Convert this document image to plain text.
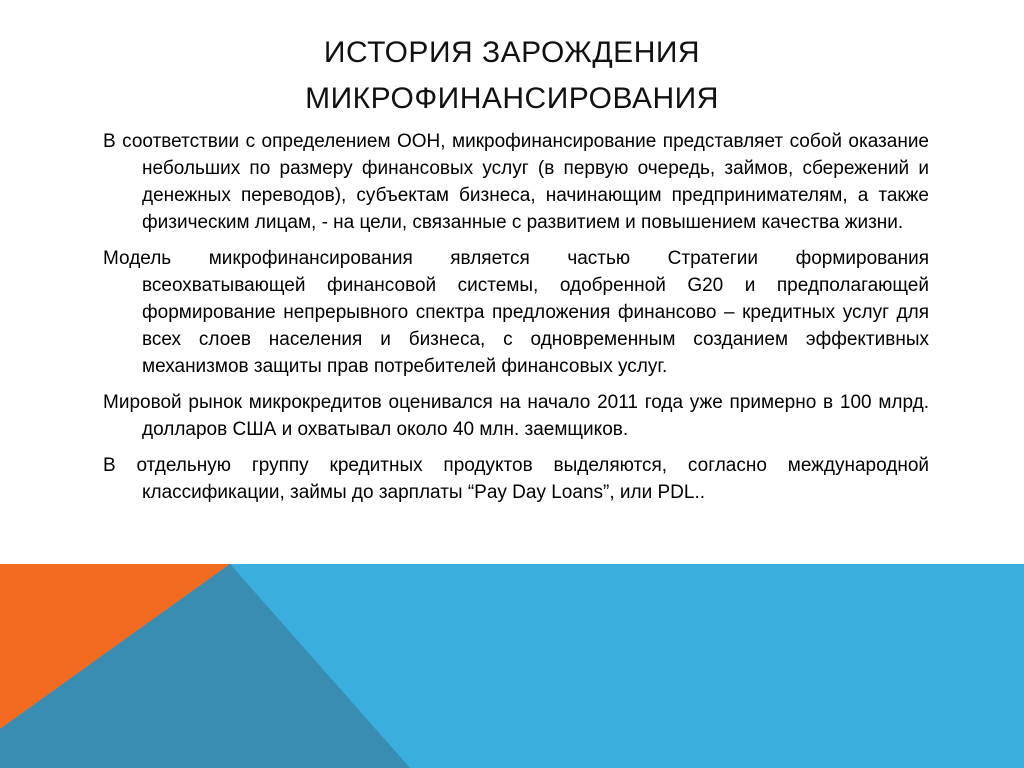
ИСТОРИЯ ЗАРОЖДЕНИЯ
МИКРОФИНАНСИРОВАНИЯ

В соответствии с определением ООН, микрофинансирование представляет собой оказание небольших по размеру финансовых услуг (в первую очередь, займов, сбережений и денежных переводов), субъектам бизнеса, начинающим предпринимателям, а также физическим лицам, - на цели, связанные с развитием и повышением качества жизни.

Модель микрофинансирования является частью Стратегии формирования всеохватывающей финансовой системы, одобренной G20 и предполагающей формирование непрерывного спектра предложения финансово – кредитных услуг для всех слоев населения и бизнеса, с одновременным созданием эффективных механизмов защиты прав потребителей финансовых услуг.

Мировой рынок микрокредитов оценивался на начало 2011 года уже примерно в 100 млрд. долларов США и охватывал около 40 млн. заемщиков.

В отдельную группу кредитных продуктов выделяются, согласно международной классификации, займы до зарплаты “Pay Day Loans”, или PDL..
